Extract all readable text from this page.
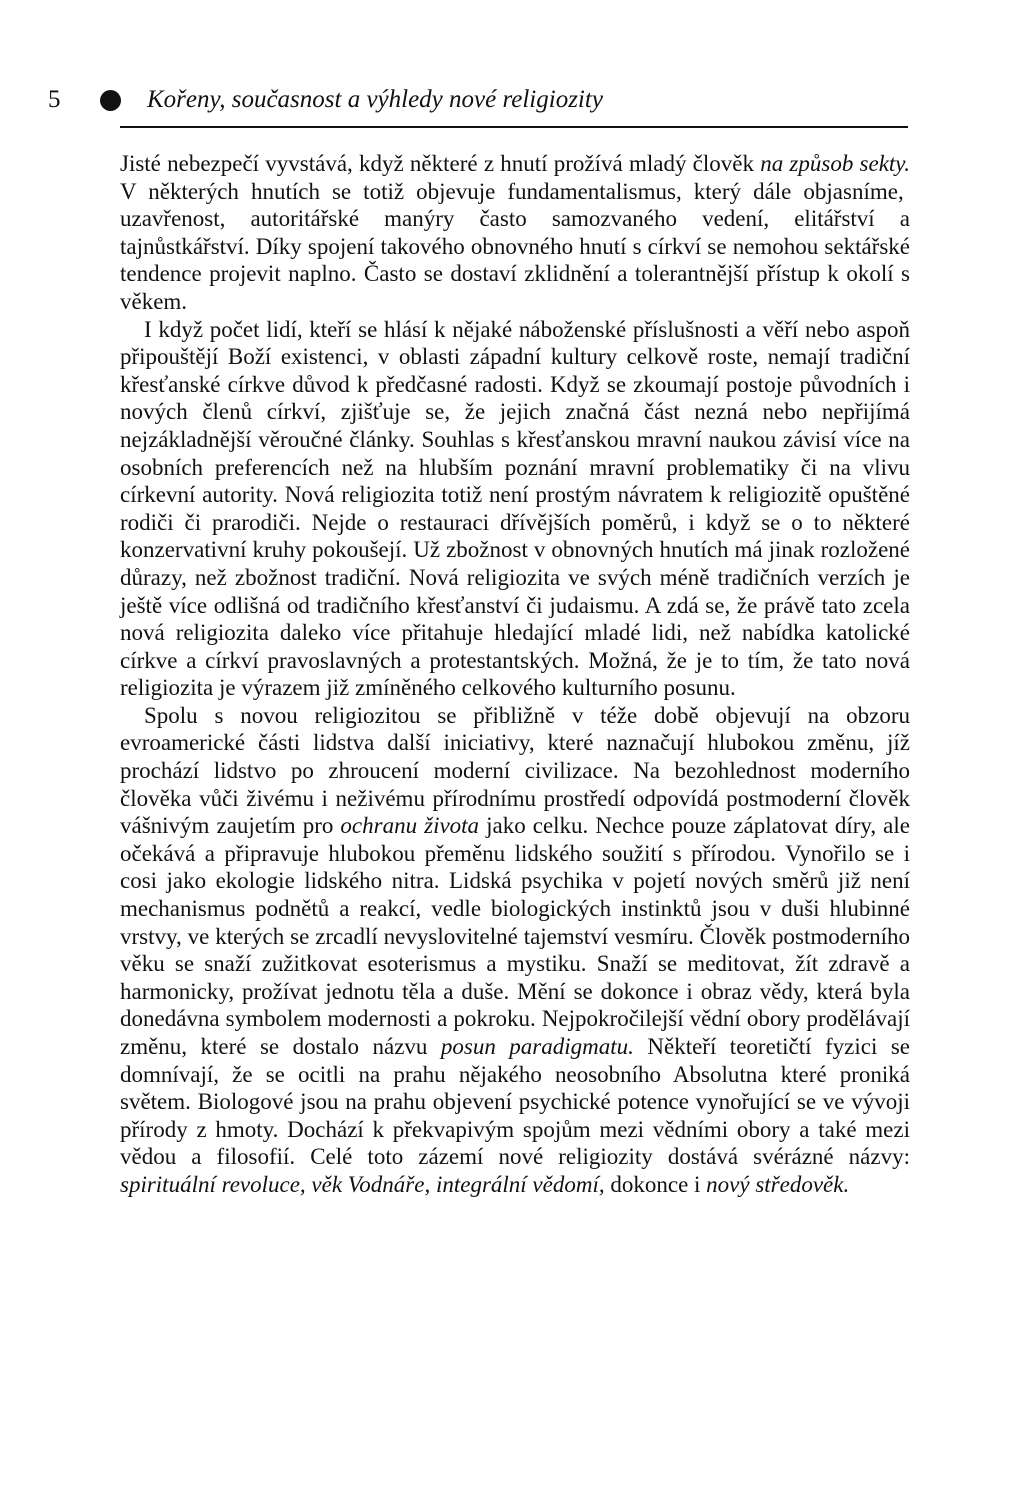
5	Kořeny, současnost a výhledy nové religiozity

Jisté nebezpečí vyvstává, když některé z hnutí prožívá mladý člověk na způsob sekty. V některých hnutích se totiž objevuje fundamentalismus, který dále objasníme, uzavřenost, autoritářské manýry často samozvaného vedení, elitářství a tajnůstkářství. Díky spojení takového obnovného hnutí s církví se nemohou sektářské tendence projevit naplno. Často se dostaví zklidnění a tolerantnější přístup k okolí s věkem.

I když počet lidí, kteří se hlásí k nějaké náboženské příslušnosti a věří nebo aspoň připouštějí Boží existenci, v oblasti západní kultury celkově roste, nemají tradiční křesťanské církve důvod k předčasné radosti. Když se zkoumají postoje původních i nových členů církví, zjišťuje se, že jejich značná část nezná nebo nepřijímá nejzákladnější věroučné články. Souhlas s křesťanskou mravní naukou závisí více na osobních preferencích než na hlubším poznání mravní problematiky či na vlivu církevní autority. Nová religiozita totiž není prostým návratem k religiozitě opuštěné rodiči či prarodiči. Nejde o restauraci dřívějších poměrů, i když se o to některé konzervativní kruhy pokoušejí. Už zbožnost v obnovných hnutích má jinak rozložené důrazy, než zbožnost tradiční. Nová religiozita ve svých méně tradičních verzích je ještě více odlišná od tradičního křesťanství či judaismu. A zdá se, že právě tato zcela nová religiozita daleko více přitahuje hledající mladé lidi, než nabídka katolické církve a církví pravoslavných a protestantských. Možná, že je to tím, že tato nová religiozita je výrazem již zmíněného celkového kulturního posunu.

Spolu s novou religiozitou se přibližně v téže době objevují na obzoru evroamerické části lidstva další iniciativy, které naznačují hlubokou změnu, jíž prochází lidstvo po zhroucení moderní civilizace. Na bezohlednost moderního člověka vůči živému i neživému přírodnímu prostředí odpovídá postmoderní člověk vášnivým zaujetím pro ochranu života jako celku. Nechce pouze záplatovat díry, ale očekává a připravuje hlubokou přeměnu lidského soužití s přírodou. Vynořilo se i cosi jako ekologie lidského nitra. Lidská psychika v pojetí nových směrů již není mechanismus podnětů a reakcí, vedle biologických instinktů jsou v duši hlubinné vrstvy, ve kterých se zrcadlí nevyslovitelné tajemství vesmíru. Člověk postmoderního věku se snaží zužitkovat esoterismus a mystiku. Snaží se meditovat, žít zdravě a harmonicky, prožívat jednotu těla a duše. Mění se dokonce i obraz vědy, která byla donedávna symbolem modernosti a pokroku. Nejpokročilejší vědní obory prodělávají změnu, které se dostalo názvu posun paradigmatu. Někteří teoretičtí fyzici se domnívají, že se ocitli na prahu nějakého neosobního Absolutna které proniká světem. Biologové jsou na prahu objevení psychické potence vynořující se ve vývoji přírody z hmoty. Dochází k překvapivým spojům mezi vědními obory a také mezi vědou a filosofií. Celé toto zázemí nové religiozity dostává svérázné názvy: spirituální revoluce, věk Vodnáře, integrální vědomí, dokonce i nový středověk.
